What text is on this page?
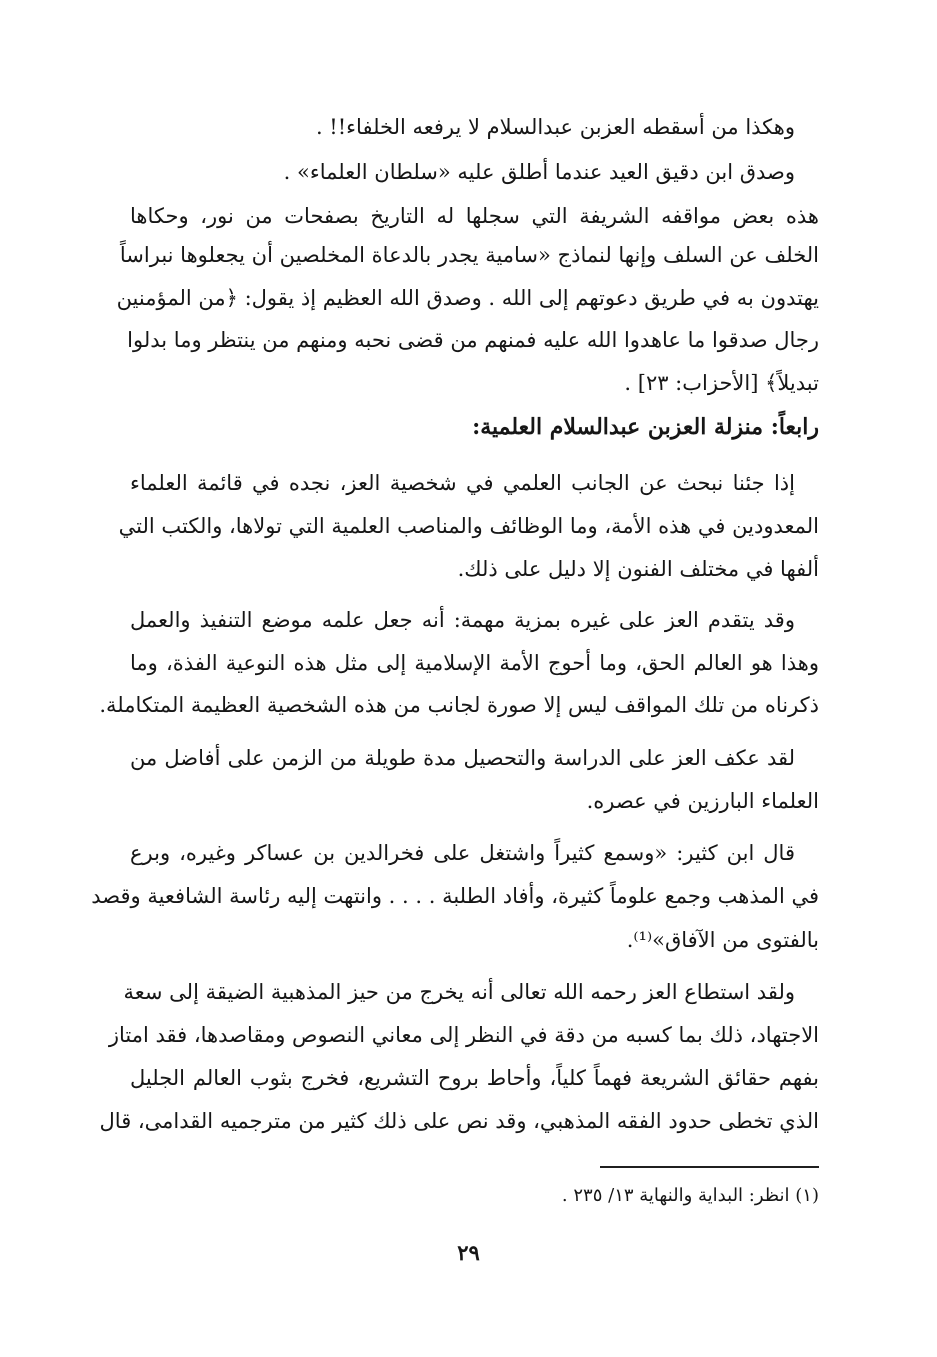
وهكذا من أسقطه العزبن عبدالسلام لا يرفعه الخلفاء!! .
وصدق ابن دقيق العيد عندما أطلق عليه «سلطان العلماء» .
هذه بعض مواقفه الشريفة التي سجلها له التاريخ بصفحات من نور، وحكاها
الخلف عن السلف وإنها لنماذج «سامية يجدر بالدعاة المخلصين أن يجعلوها نبراساً
يهتدون به في طريق دعوتهم إلى الله . وصدق الله العظيم إذ يقول: ﴿من المؤمنين
رجال صدقوا ما عاهدوا الله عليه فمنهم من قضى نحبه ومنهم من ينتظر وما بدلوا
تبديلاً﴾ [الأحزاب: ٢٣] .
رابعاً: منزلة العزبن عبدالسلام العلمية:
إذا جئنا نبحث عن الجانب العلمي في شخصية العز، نجده في قائمة العلماء
المعدودين في هذه الأمة، وما الوظائف والمناصب العلمية التي تولاها، والكتب التي
ألفها في مختلف الفنون إلا دليل على ذلك.
وقد يتقدم العز على غيره بمزية مهمة: أنه جعل علمه موضع التنفيذ والعمل
وهذا هو العالم الحق، وما أحوج الأمة الإسلامية إلى مثل هذه النوعية الفذة، وما
ذكرناه من تلك المواقف ليس إلا صورة لجانب من هذه الشخصية العظيمة المتكاملة.
لقد عكف العز على الدراسة والتحصيل مدة طويلة من الزمن على أفاضل من
العلماء البارزين في عصره.
قال ابن كثير: «وسمع كثيراً واشتغل على فخرالدين بن عساكر وغيره، وبرع
في المذهب وجمع علوماً كثيرة، وأفاد الطلبة . . . . وانتهت إليه رئاسة الشافعية وقصد
بالفتوى من الآفاق»⁽¹⁾.
ولقد استطاع العز رحمه الله تعالى أنه يخرج من حيز المذهبية الضيقة إلى سعة
الاجتهاد، ذلك بما كسبه من دقة في النظر إلى معاني النصوص ومقاصدها، فقد امتاز
بفهم حقائق الشريعة فهماً كلياً، وأحاط بروح التشريع، فخرج بثوب العالم الجليل
الذي تخطى حدود الفقه المذهبي، وقد نص على ذلك كثير من مترجميه القدامى، قال
(١) انظر: البداية والنهاية ١٣/ ٢٣٥ .
٢٩
